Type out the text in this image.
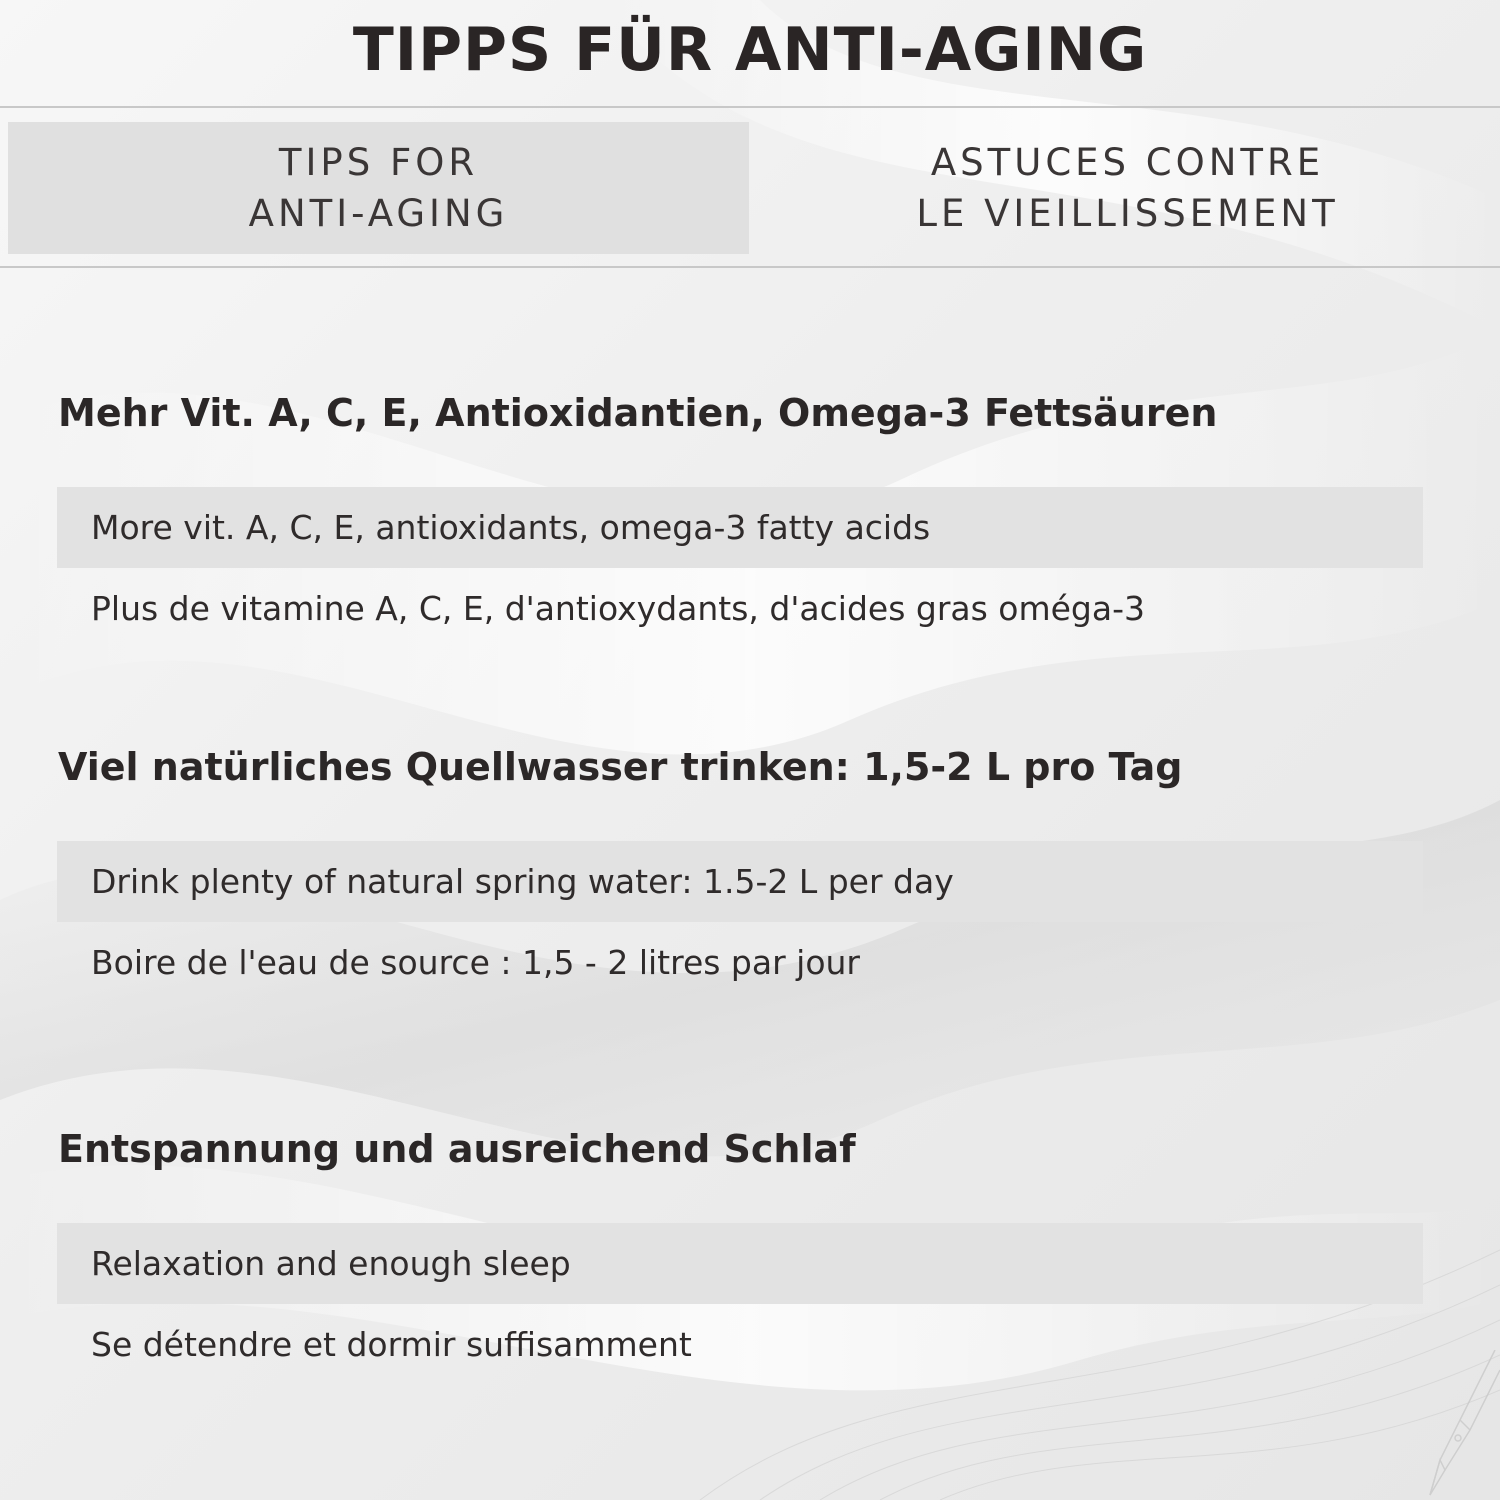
TIPPS FÜR ANTI-AGING
TIPS FOR
ANTI-AGING
ASTUCES CONTRE
LE VIEILLISSEMENT
Mehr Vit. A, C, E, Antioxidantien, Omega-3 Fettsäuren
More vit. A, C, E, antioxidants, omega-3 fatty acids
Plus de vitamine A, C, E, d'antioxydants, d'acides gras oméga-3
Viel natürliches Quellwasser trinken: 1,5-2 L pro Tag
Drink plenty of natural spring water: 1.5-2 L per day
Boire de l'eau de source : 1,5 - 2 litres par jour
Entspannung und ausreichend Schlaf
Relaxation and enough sleep
Se détendre et dormir suffisamment
